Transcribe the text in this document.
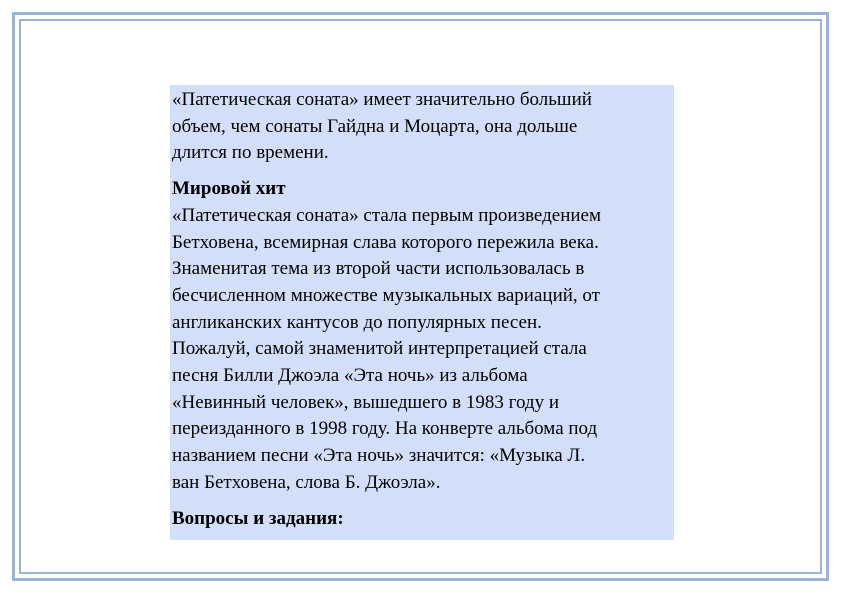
«Патетическая соната» имеет значительно больший
объем, чем сонаты Гайдна и Моцарта, она дольше
длится по времени.

Мировой хит

«Патетическая соната» стала первым произведением
Бетховена, всемирная слава которого пережила века.
Знаменитая тема из второй части использовалась в
бесчисленном множестве музыкальных вариаций, от
англиканских кантусов до популярных песен.
Пожалуй, самой знаменитой интерпретацией стала
песня Билли Джоэла «Эта ночь» из альбома
«Невинный человек», вышедшего в 1983 году и
переизданного в 1998 году. На конверте альбома под
названием песни «Эта ночь» значится: «Музыка Л.
ван Бетховена, слова Б. Джоэла».

Вопросы и задания:
